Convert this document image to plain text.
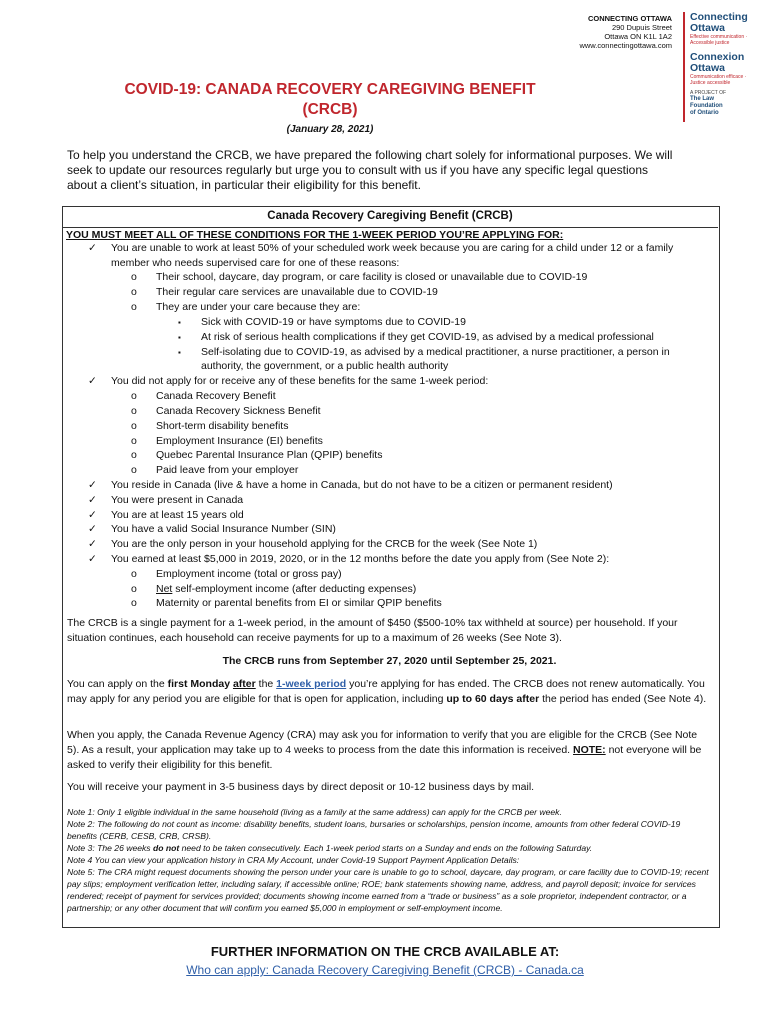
CONNECTING OTTAWA
290 Dupuis Street
Ottawa ON K1L 1A2
www.connectingottawa.com
Connecting
Ottawa
Effective communication · Accessible justice
Connexion
Ottawa
Communication efficace · Justice accessible
A PROJECT OF
The Law
Foundation
of Ontario
COVID-19: CANADA RECOVERY CAREGIVING BENEFIT
(CRCB)
(January 28, 2021)
To help you understand the CRCB, we have prepared the following chart solely for informational purposes. We will seek to update our resources regularly but urge you to consult with us if you have any specific legal questions about a client’s situation, in particular their eligibility for this benefit.
Canada Recovery Caregiving Benefit (CRCB)
YOU MUST MEET ALL OF THESE CONDITIONS FOR THE 1-WEEK PERIOD YOU’RE APPLYING FOR:
✓ You are unable to work at least 50% of your scheduled work week because you are caring for a child under 12 or a family
member who needs supervised care for one of these reasons:
o Their school, daycare, day program, or care facility is closed or unavailable due to COVID-19
o Their regular care services are unavailable due to COVID-19
o They are under your care because they are:
▪ Sick with COVID-19 or have symptoms due to COVID-19
▪ At risk of serious health complications if they get COVID-19, as advised by a medical professional
▪ Self-isolating due to COVID-19, as advised by a medical practitioner, a nurse practitioner, a person in
authority, the government, or a public health authority
✓ You did not apply for or receive any of these benefits for the same 1-week period:
o Canada Recovery Benefit
o Canada Recovery Sickness Benefit
o Short-term disability benefits
o Employment Insurance (EI) benefits
o Quebec Parental Insurance Plan (QPIP) benefits
o Paid leave from your employer
✓ You reside in Canada (live & have a home in Canada, but do not have to be a citizen or permanent resident)
✓ You were present in Canada
✓ You are at least 15 years old
✓ You have a valid Social Insurance Number (SIN)
✓ You are the only person in your household applying for the CRCB for the week (See Note 1)
✓ You earned at least $5,000 in 2019, 2020, or in the 12 months before the date you apply from (See Note 2):
o Employment income (total or gross pay)
o Net self-employment income (after deducting expenses)
o Maternity or parental benefits from EI or similar QPIP benefits
The CRCB is a single payment for a 1-week period, in the amount of $450 ($500-10% tax withheld at source) per household. If your situation continues, each household can receive payments for up to a maximum of 26 weeks (See Note 3).
The CRCB runs from September 27, 2020 until September 25, 2021.
You can apply on the first Monday after the 1-week period you’re applying for has ended. The CRCB does not renew automatically. You may apply for any period you are eligible for that is open for application, including up to 60 days after the period has ended (See Note 4).
When you apply, the Canada Revenue Agency (CRA) may ask you for information to verify that you are eligible for the CRCB (See Note 5). As a result, your application may take up to 4 weeks to process from the date this information is received. NOTE: not everyone will be asked to verify their eligibility for this benefit.
You will receive your payment in 3-5 business days by direct deposit or 10-12 business days by mail.
Note 1: Only 1 eligible individual in the same household (living as a family at the same address) can apply for the CRCB per week.
Note 2: The following do not count as income: disability benefits, student loans, bursaries or scholarships, pension income, amounts from other federal COVID-19 benefits (CERB, CESB, CRB, CRSB).
Note 3: The 26 weeks do not need to be taken consecutively. Each 1-week period starts on a Sunday and ends on the following Saturday.
Note 4 You can view your application history in CRA My Account, under Covid-19 Support Payment Application Details:
Note 5: The CRA might request documents showing the person under your care is unable to go to school, daycare, day program, or care facility due to COVID-19; recent pay slips; employment verification letter, including salary, if accessible online; ROE; bank statements showing name, address, and payroll deposit; invoice for services rendered; receipt of payment for services provided; documents showing income earned from a “trade or business” as a sole proprietor, independent contractor, or a partnership; or any other document that will confirm you earned $5,000 in employment or self-employment income.
FURTHER INFORMATION ON THE CRCB AVAILABLE AT:
Who can apply: Canada Recovery Caregiving Benefit (CRCB) - Canada.ca
